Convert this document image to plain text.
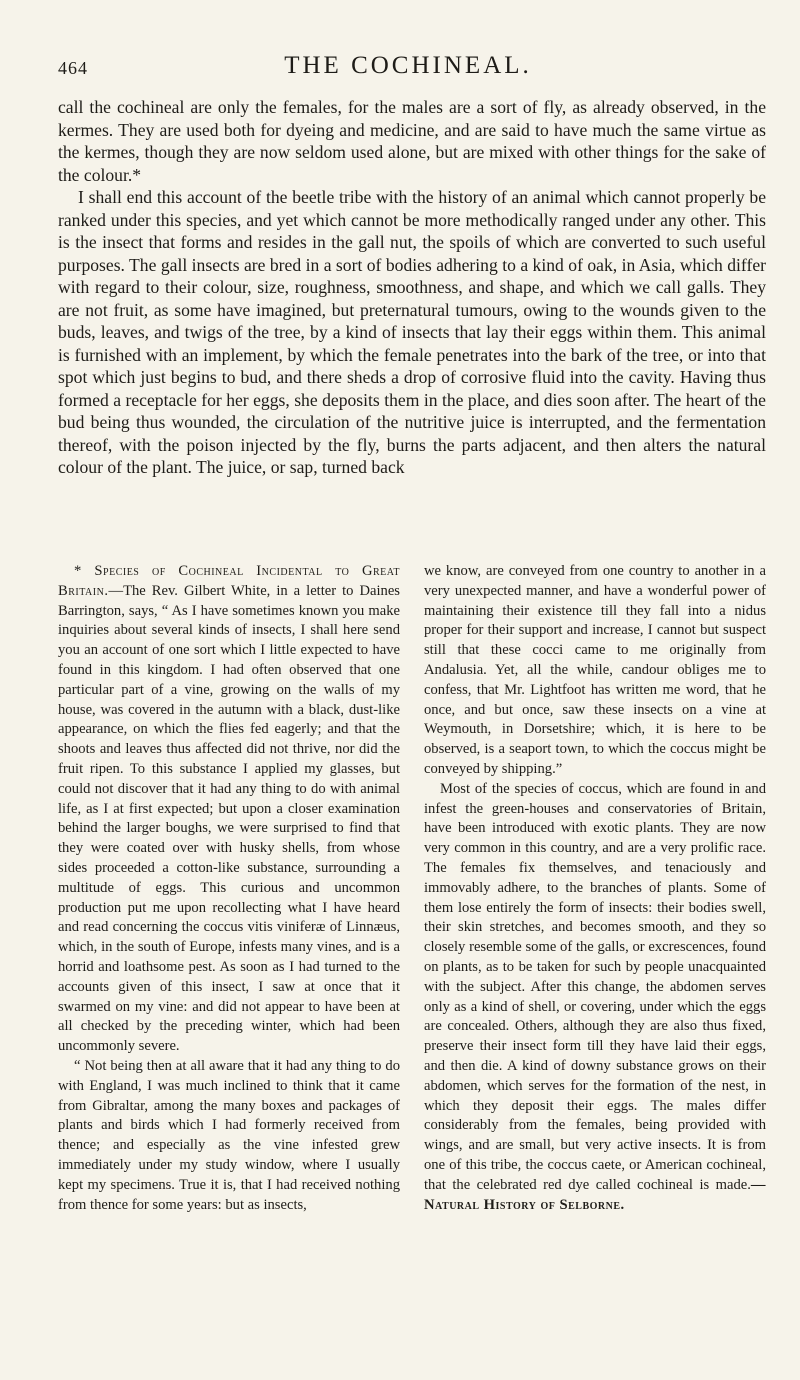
464	THE COCHINEAL.

call the cochineal are only the females, for the males are a sort of fly, as already observed, in the kermes. They are used both for dyeing and medicine, and are said to have much the same virtue as the kermes, though they are now seldom used alone, but are mixed with other things for the sake of the colour.*

I shall end this account of the beetle tribe with the history of an animal which cannot properly be ranked under this species, and yet which cannot be more methodically ranged under any other. This is the insect that forms and resides in the gall nut, the spoils of which are converted to such useful purposes. The gall insects are bred in a sort of bodies adhering to a kind of oak, in Asia, which differ with regard to their colour, size, roughness, smoothness, and shape, and which we call galls. They are not fruit, as some have imagined, but preternatural tumours, owing to the wounds given to the buds, leaves, and twigs of the tree, by a kind of insects that lay their eggs within them. This animal is furnished with an implement, by which the female penetrates into the bark of the tree, or into that spot which just begins to bud, and there sheds a drop of corrosive fluid into the cavity. Having thus formed a receptacle for her eggs, she deposits them in the place, and dies soon after. The heart of the bud being thus wounded, the circulation of the nutritive juice is interrupted, and the fermentation thereof, with the poison injected by the fly, burns the parts adjacent, and then alters the natural colour of the plant. The juice, or sap, turned back

* Species of Cochineal Incidental to Great Britain.—The Rev. Gilbert White, in a letter to Daines Barrington, says, “ As I have sometimes known you make inquiries about several kinds of insects, I shall here send you an account of one sort which I little expected to have found in this kingdom. I had often observed that one particular part of a vine, growing on the walls of my house, was covered in the autumn with a black, dust-like appearance, on which the flies fed eagerly; and that the shoots and leaves thus affected did not thrive, nor did the fruit ripen. To this substance I applied my glasses, but could not discover that it had any thing to do with animal life, as I at first expected; but upon a closer examination behind the larger boughs, we were surprised to find that they were coated over with husky shells, from whose sides proceeded a cotton-like substance, surrounding a multitude of eggs. This curious and uncommon production put me upon recollecting what I have heard and read concerning the coccus vitis viniferæ of Linnæus, which, in the south of Europe, infests many vines, and is a horrid and loathsome pest. As soon as I had turned to the accounts given of this insect, I saw at once that it swarmed on my vine: and did not appear to have been at all checked by the preceding winter, which had been uncommonly severe.

“ Not being then at all aware that it had any thing to do with England, I was much inclined to think that it came from Gibraltar, among the many boxes and packages of plants and birds which I had formerly received from thence; and especially as the vine infested grew immediately under my study window, where I usually kept my specimens. True it is, that I had received nothing from thence for some years: but as insects,

we know, are conveyed from one country to another in a very unexpected manner, and have a wonderful power of maintaining their existence till they fall into a nidus proper for their support and increase, I cannot but suspect still that these cocci came to me originally from Andalusia. Yet, all the while, candour obliges me to confess, that Mr. Lightfoot has written me word, that he once, and but once, saw these insects on a vine at Weymouth, in Dorsetshire; which, it is here to be observed, is a seaport town, to which the coccus might be conveyed by shipping.”

Most of the species of coccus, which are found in and infest the green-houses and conservatories of Britain, have been introduced with exotic plants. They are now very common in this country, and are a very prolific race. The females fix themselves, and tenaciously and immovably adhere, to the branches of plants. Some of them lose entirely the form of insects: their bodies swell, their skin stretches, and becomes smooth, and they so closely resemble some of the galls, or excrescences, found on plants, as to be taken for such by people unacquainted with the subject. After this change, the abdomen serves only as a kind of shell, or covering, under which the eggs are concealed. Others, although they are also thus fixed, preserve their insect form till they have laid their eggs, and then die. A kind of downy substance grows on their abdomen, which serves for the formation of the nest, in which they deposit their eggs. The males differ considerably from the females, being provided with wings, and are small, but very active insects. It is from one of this tribe, the coccus caete, or American cochineal, that the celebrated red dye called cochineal is made.—Natural History of Selborne.
